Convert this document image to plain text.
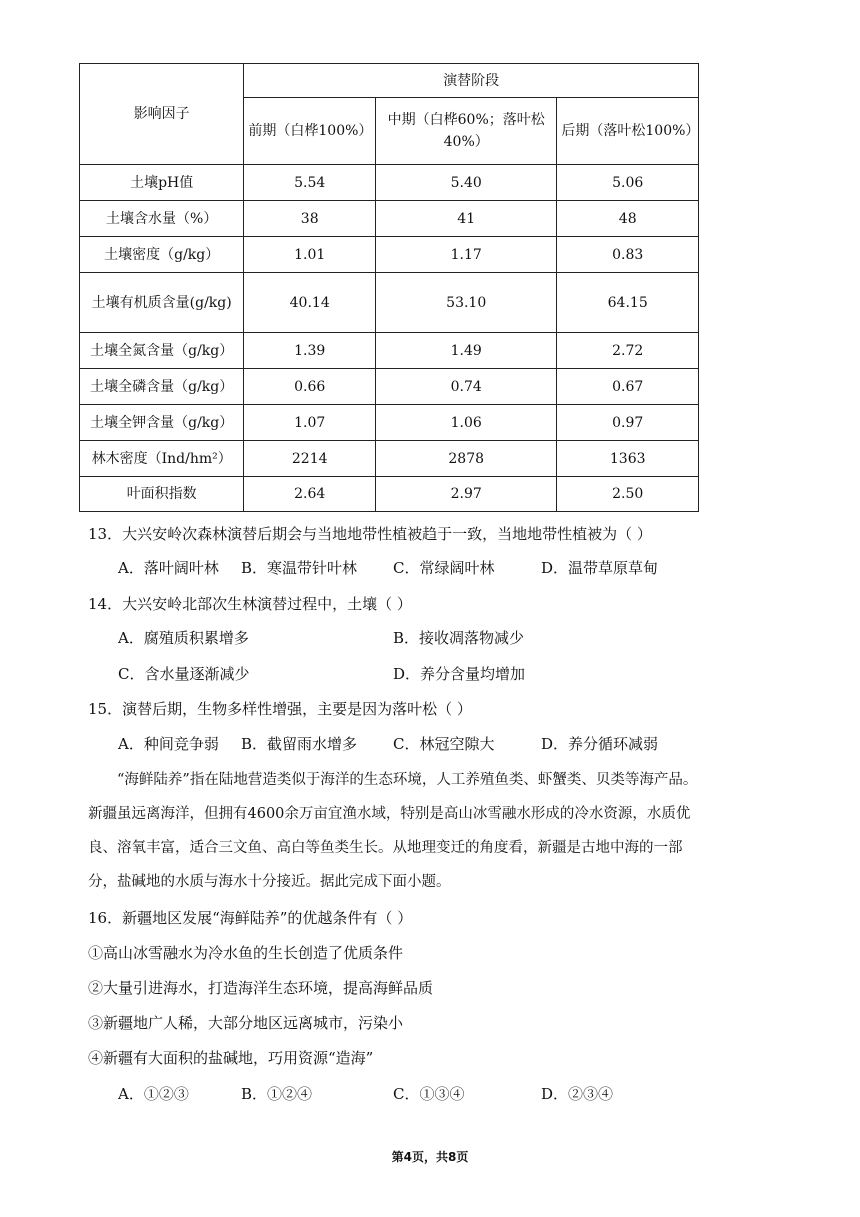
影响因子	演替阶段		
	前期（白桦100%）	中期（白桦60%；落叶松40%）	后期（落叶松100%）
土壤pH值	5.54	5.40	5.06
土壤含水量（%）	38	41	48
土壤密度（g/kg）	1.01	1.17	0.83
土壤有机质含量(g/kg)	40.14	53.10	64.15
土壤全氮含量（g/kg）	1.39	1.49	2.72
土壤全磷含量（g/kg）	0.66	0.74	0.67
土壤全钾含量（g/kg）	1.07	1.06	0.97
林木密度（Ind/hm²）	2214	2878	1363
叶面积指数	2.64	2.97	2.50
13．大兴安岭次森林演替后期会与当地地带性植被趋于一致，当地地带性植被为（ ）
A．落叶阔叶林 B．寒温带针叶林 C．常绿阔叶林	D．温带草原草甸
14．大兴安岭北部次生林演替过程中，土壤（ ）
A．腐殖质积累增多	B．接收凋落物减少
C．含水量逐渐减少	D．养分含量均增加
15．演替后期，生物多样性增强，主要是因为落叶松（ ）
A．种间竞争弱 B．截留雨水增多 C．林冠空隙大	D．养分循环减弱
“海鲜陆养”指在陆地营造类似于海洋的生态环境，人工养殖鱼类、虾蟹类、贝类等海产品。新疆虽远离海洋，但拥有4600余万亩宜渔水域，特别是高山冰雪融水形成的冷水资源，水质优良、溶氧丰富，适合三文鱼、高白等鱼类生长。从地理变迁的角度看，新疆是古地中海的一部分，盐碱地的水质与海水十分接近。据此完成下面小题。
16．新疆地区发展“海鲜陆养”的优越条件有（ ）
①高山冰雪融水为冷水鱼的生长创造了优质条件
②大量引进海水，打造海洋生态环境，提高海鲜品质
③新疆地广人稀，大部分地区远离城市，污染小
④新疆有大面积的盐碱地，巧用资源“造海”
A．①②③	B．①②④	C．①③④	D．②③④
第4页，共8页
